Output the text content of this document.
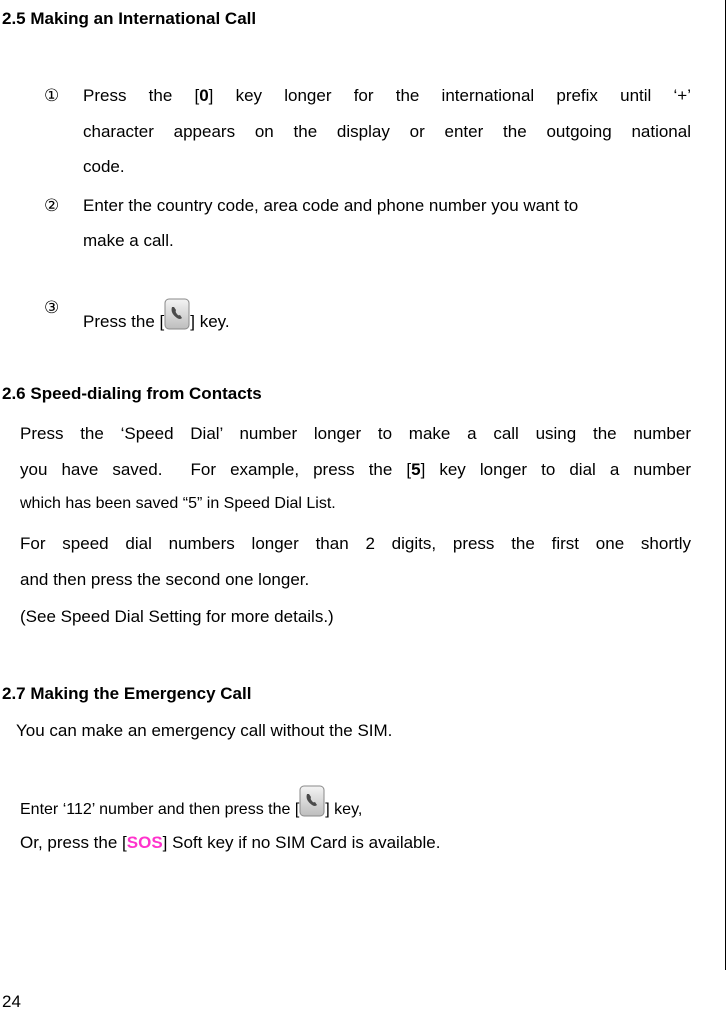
2.5 Making an International Call
① Press  the  [0]  key  longer  for  the  international  prefix  until  ‘+’

character appears on the display or enter the outgoing national

code.

② Enter the country code, area code and phone number you want to

make a call.

③

Press the [ ] key.

2.6 Speed-dialing from Contacts

Press the ‘Speed Dial’ number longer to make a call using the number

you have saved.  For example, press the [5] key longer to dial a number

which has been saved “5” in Speed Dial List.

For speed dial numbers longer than 2 digits, press the first one shortly

and then press the second one longer.

(See Speed Dial Setting for more details.)

2.7 Making the Emergency Call

You can make an emergency call without the SIM.

Enter ‘112’ number and then press the [ ] key,

Or, press the [SOS] Soft key if no SIM Card is available.

24
